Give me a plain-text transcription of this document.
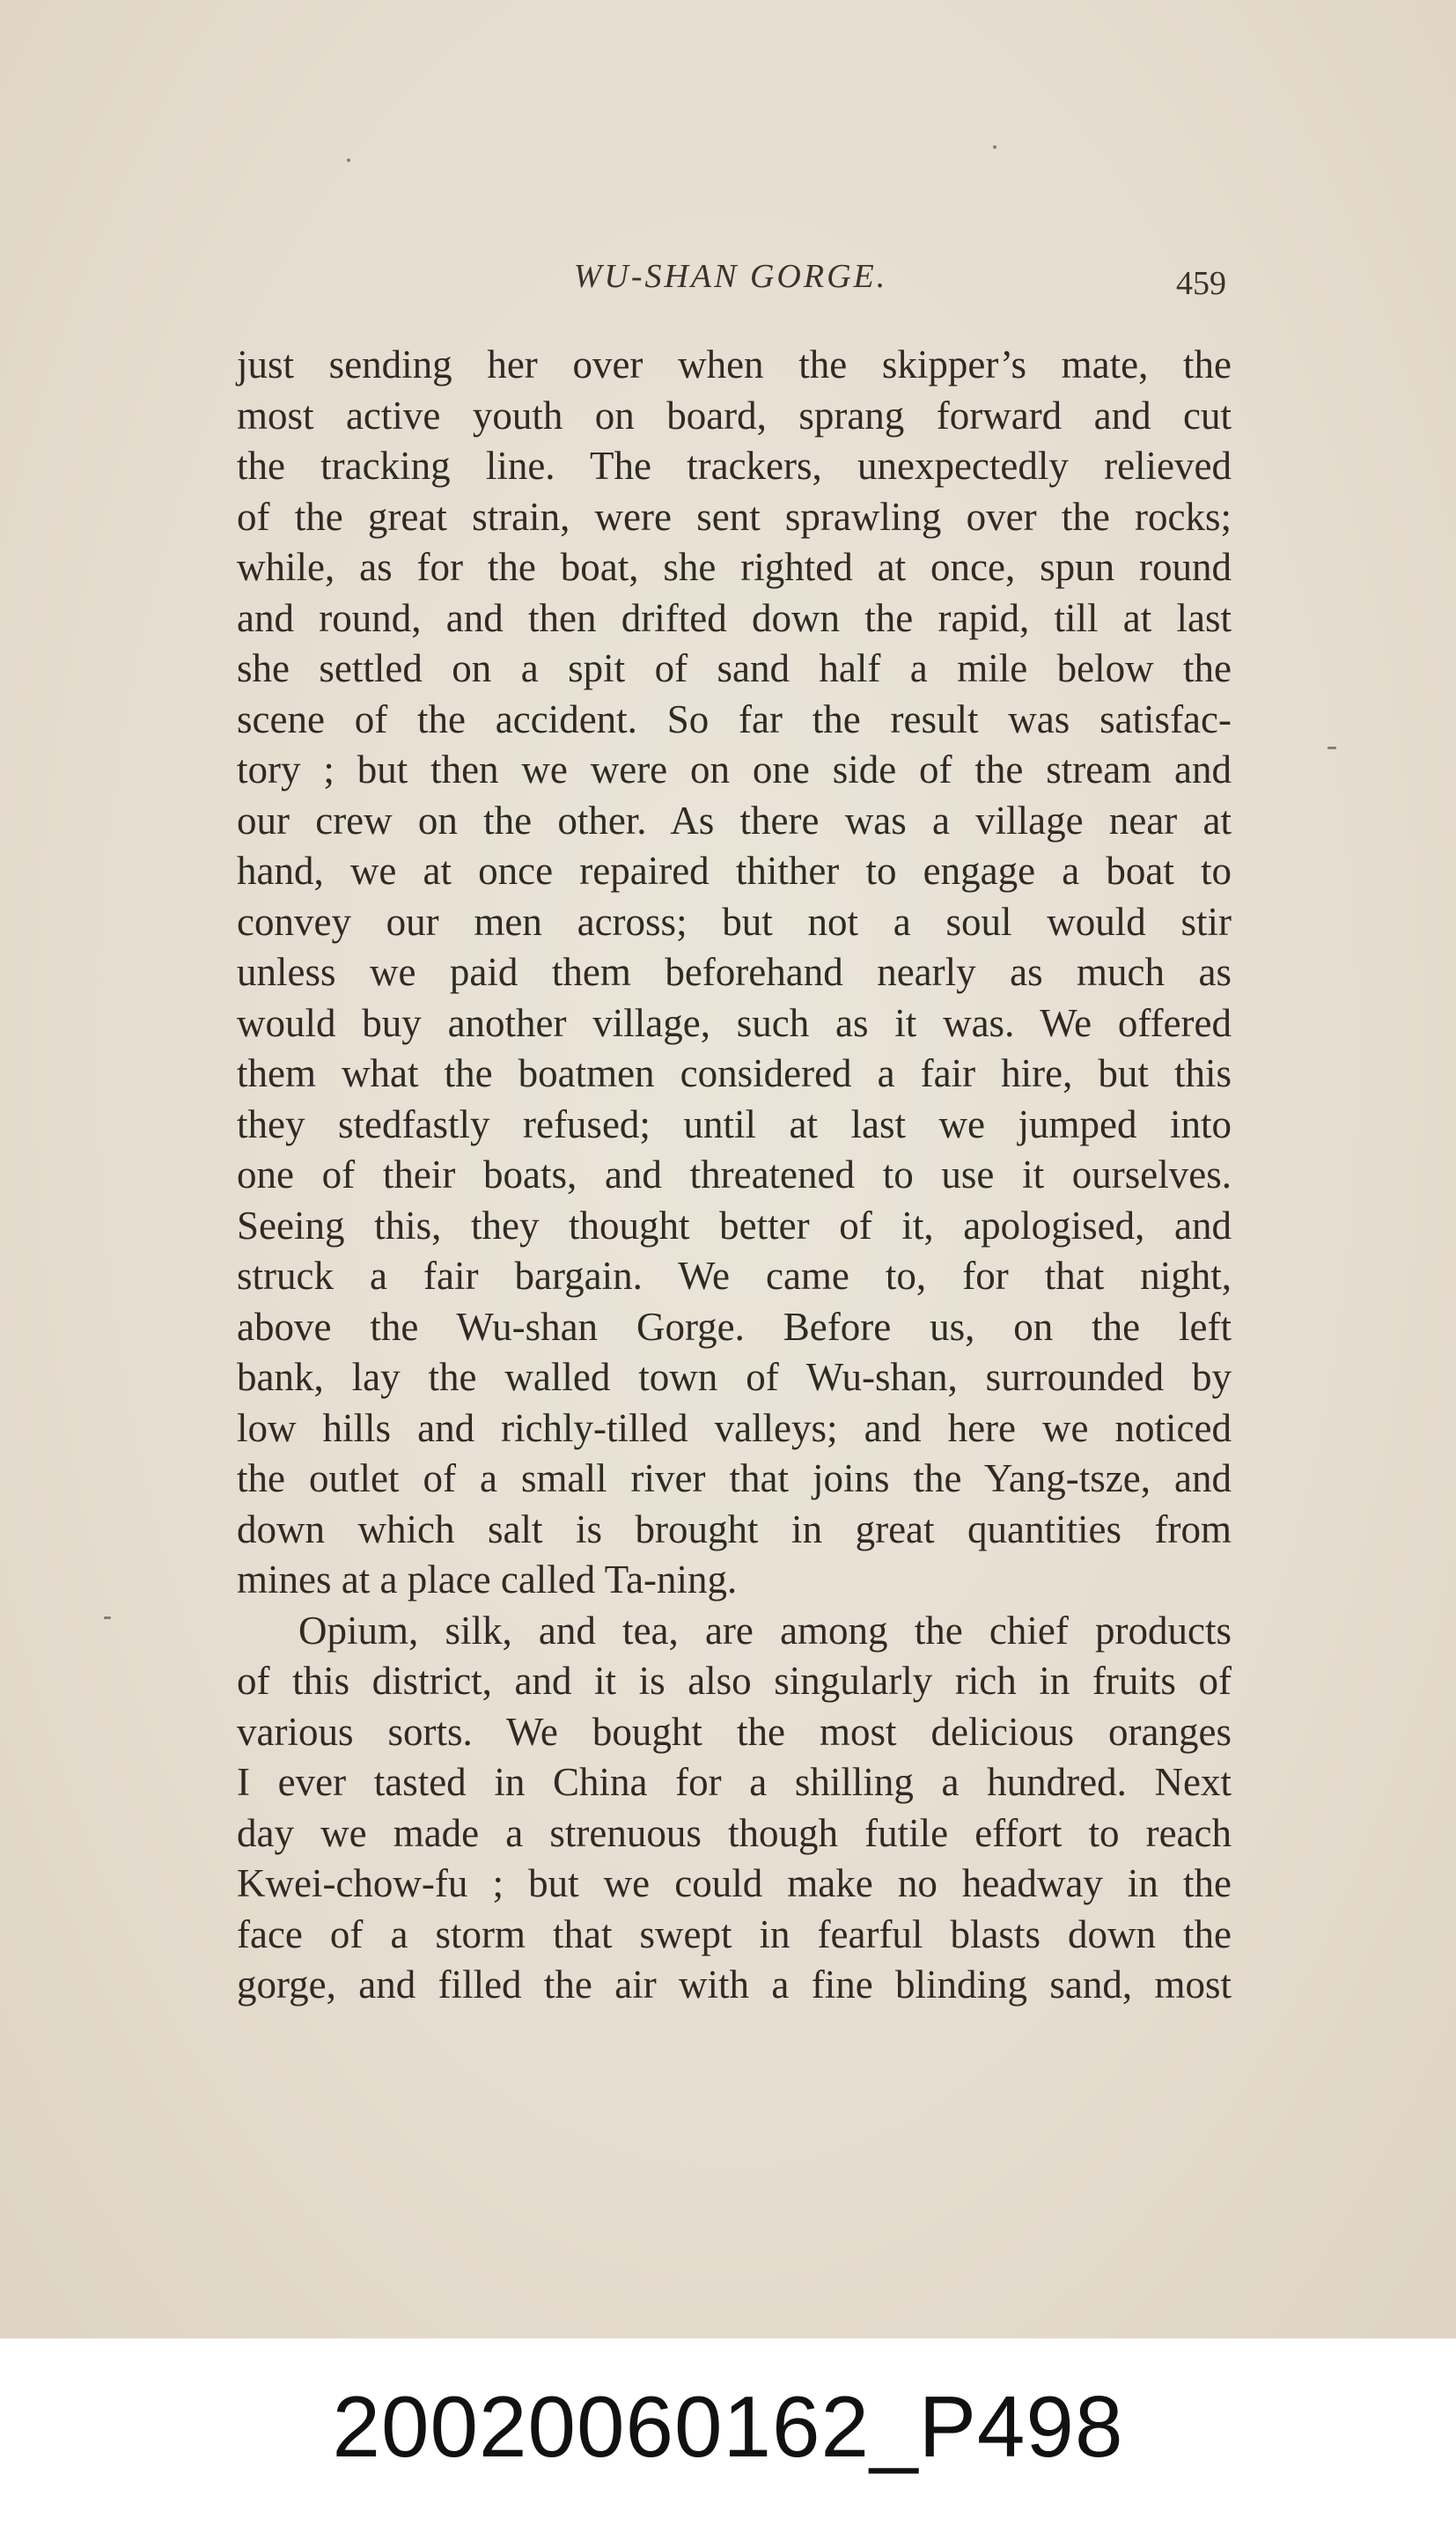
WU-SHAN GORGE.	459
just sending her over when the skipper’s mate, the
most active youth on board, sprang forward and cut
the tracking line. The trackers, unexpectedly relieved
of the great strain, were sent sprawling over the rocks;
while, as for the boat, she righted at once, spun round
and round, and then drifted down the rapid, till at last
she settled on a spit of sand half a mile below the
scene of the accident. So far the result was satisfac-
tory ; but then we were on one side of the stream and
our crew on the other. As there was a village near at
hand, we at once repaired thither to engage a boat to
convey our men across; but not a soul would stir
unless we paid them beforehand nearly as much as
would buy another village, such as it was. We offered
them what the boatmen considered a fair hire, but this
they stedfastly refused; until at last we jumped into
one of their boats, and threatened to use it ourselves.
Seeing this, they thought better of it, apologised, and
struck a fair bargain. We came to, for that night,
above the Wu-shan Gorge. Before us, on the left
bank, lay the walled town of Wu-shan, surrounded by
low hills and richly-tilled valleys; and here we noticed
the outlet of a small river that joins the Yang-tsze, and
down which salt is brought in great quantities from
mines at a place called Ta-ning.
Opium, silk, and tea, are among the chief products
of this district, and it is also singularly rich in fruits of
various sorts. We bought the most delicious oranges
I ever tasted in China for a shilling a hundred. Next
day we made a strenuous though futile effort to reach
Kwei-chow-fu ; but we could make no headway in the
face of a storm that swept in fearful blasts down the
gorge, and filled the air with a fine blinding sand, most
20020060162_P498
